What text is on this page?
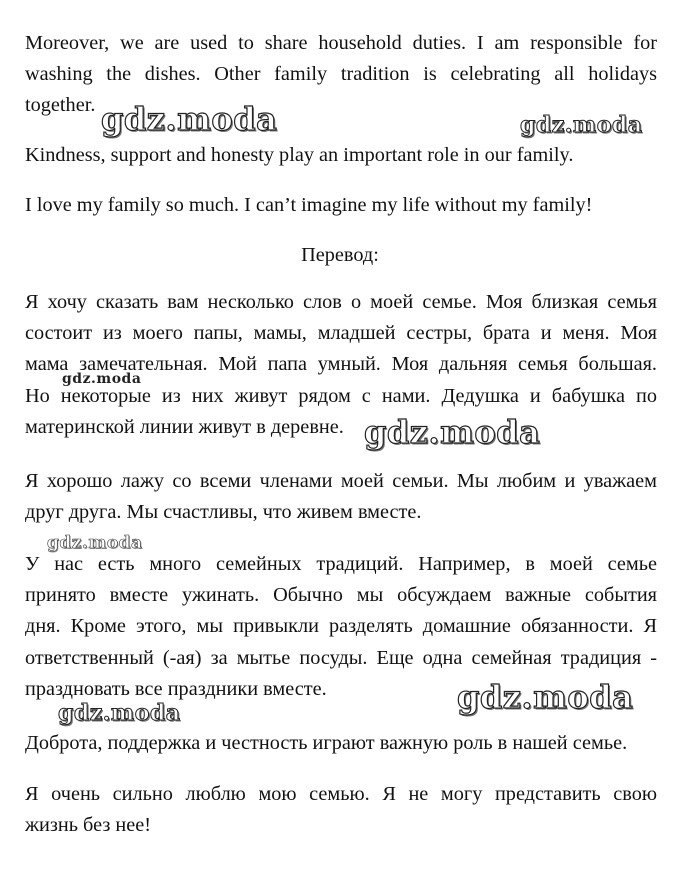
Moreover, we are used to share household duties. I am responsible for
washing the dishes. Other family tradition is celebrating all holidays
together.

Kindness, support and honesty play an important role in our family.

I love my family so much. I can’t imagine my life without my family!

Перевод:

Я хочу сказать вам несколько слов о моей семье. Моя близкая семья
состоит из моего папы, мамы, младшей сестры, брата и меня. Моя
мама замечательная. Мой папа умный. Моя дальняя семья большая.
Но некоторые из них живут рядом с нами. Дедушка и бабушка по
материнской линии живут в деревне.

Я хорошо лажу со всеми членами моей семьи. Мы любим и уважаем
друг друга. Мы счастливы, что живем вместе.

У нас есть много семейных традиций. Например, в моей семье
принято вместе ужинать. Обычно мы обсуждаем важные события
дня. Кроме этого, мы привыкли разделять домашние обязанности. Я
ответственный (-ая) за мытье посуды. Еще одна семейная традиция -
праздновать все праздники вместе.

Доброта, поддержка и честность играют важную роль в нашей семье.

Я очень сильно люблю мою семью. Я не могу представить свою
жизнь без нее!

gdz.moda	gdz.moda
gdz.moda
gdz.moda
gdz.moda
gdz.moda
gdz.moda
